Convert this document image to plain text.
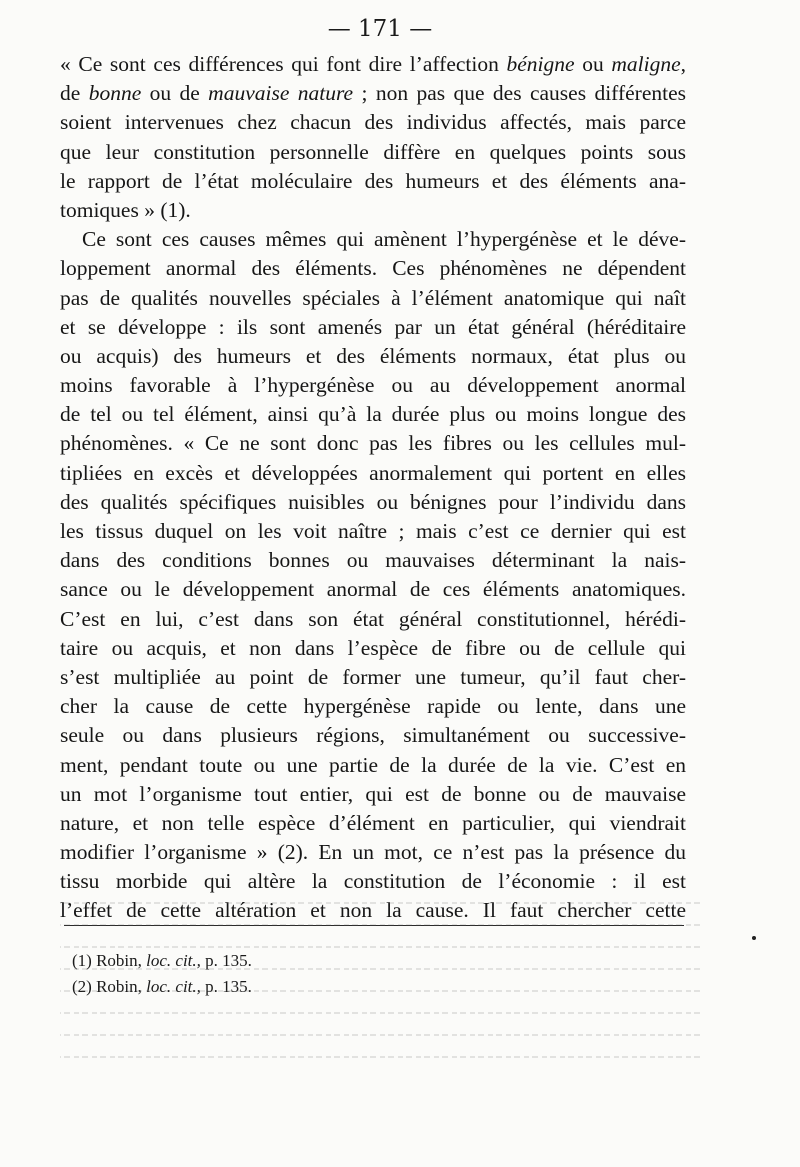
— 171 —
« Ce sont ces différences qui font dire l’affection bénigne ou maligne,
de bonne ou de mauvaise nature ; non pas que des causes différentes
soient intervenues chez chacun des individus affectés, mais parce
que leur constitution personnelle diffère en quelques points sous
le rapport de l’état moléculaire des humeurs et des éléments ana-
tomiques » (1).
Ce sont ces causes mêmes qui amènent l’hypergénèse et le déve-
loppement anormal des éléments. Ces phénomènes ne dépendent
pas de qualités nouvelles spéciales à l’élément anatomique qui naît
et se développe : ils sont amenés par un état général (héréditaire
ou acquis) des humeurs et des éléments normaux, état plus ou
moins favorable à l’hypergénèse ou au développement anormal
de tel ou tel élément, ainsi qu’à la durée plus ou moins longue des
phénomènes. « Ce ne sont donc pas les fibres ou les cellules mul-
tipliées en excès et développées anormalement qui portent en elles
des qualités spécifiques nuisibles ou bénignes pour l’individu dans
les tissus duquel on les voit naître ; mais c’est ce dernier qui est
dans des conditions bonnes ou mauvaises déterminant la nais-
sance ou le développement anormal de ces éléments anatomiques.
C’est en lui, c’est dans son état général constitutionnel, hérédi-
taire ou acquis, et non dans l’espèce de fibre ou de cellule qui
s’est multipliée au point de former une tumeur, qu’il faut cher-
cher la cause de cette hypergénèse rapide ou lente, dans une
seule ou dans plusieurs régions, simultanément ou successive-
ment, pendant toute ou une partie de la durée de la vie. C’est en
un mot l’organisme tout entier, qui est de bonne ou de mauvaise
nature, et non telle espèce d’élément en particulier, qui viendrait
modifier l’organisme » (2). En un mot, ce n’est pas la présence du
tissu morbide qui altère la constitution de l’économie : il est
l’effet de cette altération et non la cause. Il faut chercher cette
(1) Robin, loc. cit., p. 135.
(2) Robin, loc. cit., p. 135.
